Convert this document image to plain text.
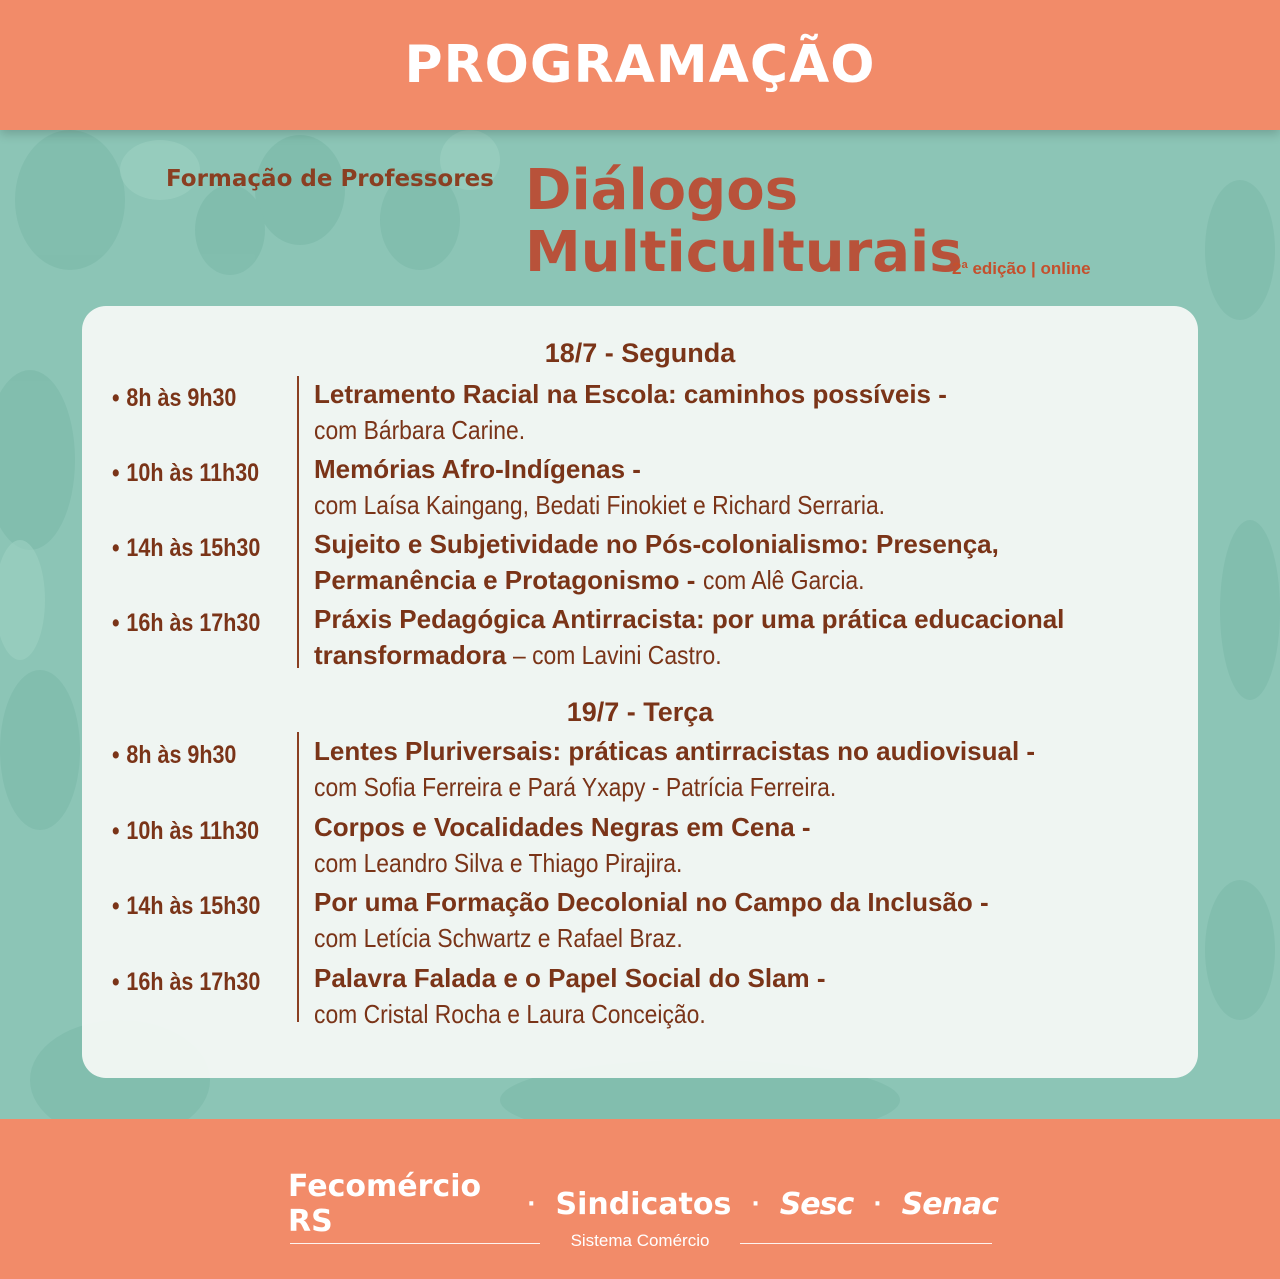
PROGRAMAÇÃO
Formação de Professores Diálogos
Multiculturais
2ª edição | online
18/7 - Segunda
• 8h às 9h30	Letramento Racial na Escola: caminhos possíveis -
com Bárbara Carine.
• 10h às 11h30 Memórias Afro-Indígenas -
com Laísa Kaingang, Bedati Finokiet e Richard Serraria.
• 14h às 15h30 Sujeito e Subjetividade no Pós-colonialismo: Presença,
Permanência e Protagonismo - com Alê Garcia.
• 16h às 17h30 Práxis Pedagógica Antirracista: por uma prática educacional
transformadora – com Lavini Castro.
19/7 - Terça
• 8h às 9h30	Lentes Pluriversais: práticas antirracistas no audiovisual -
com Sofia Ferreira e Pará Yxapy - Patrícia Ferreira.
• 10h às 11h30 Corpos e Vocalidades Negras em Cena -
com Leandro Silva e Thiago Pirajira.
• 14h às 15h30 Por uma Formação Decolonial no Campo da Inclusão -
com Letícia Schwartz e Rafael Braz.
• 16h às 17h30 Palavra Falada e o Papel Social do Slam -
com Cristal Rocha e Laura Conceição.
Fecomércio RS	· Sindicatos · Sesc · Senac
Sistema Comércio
